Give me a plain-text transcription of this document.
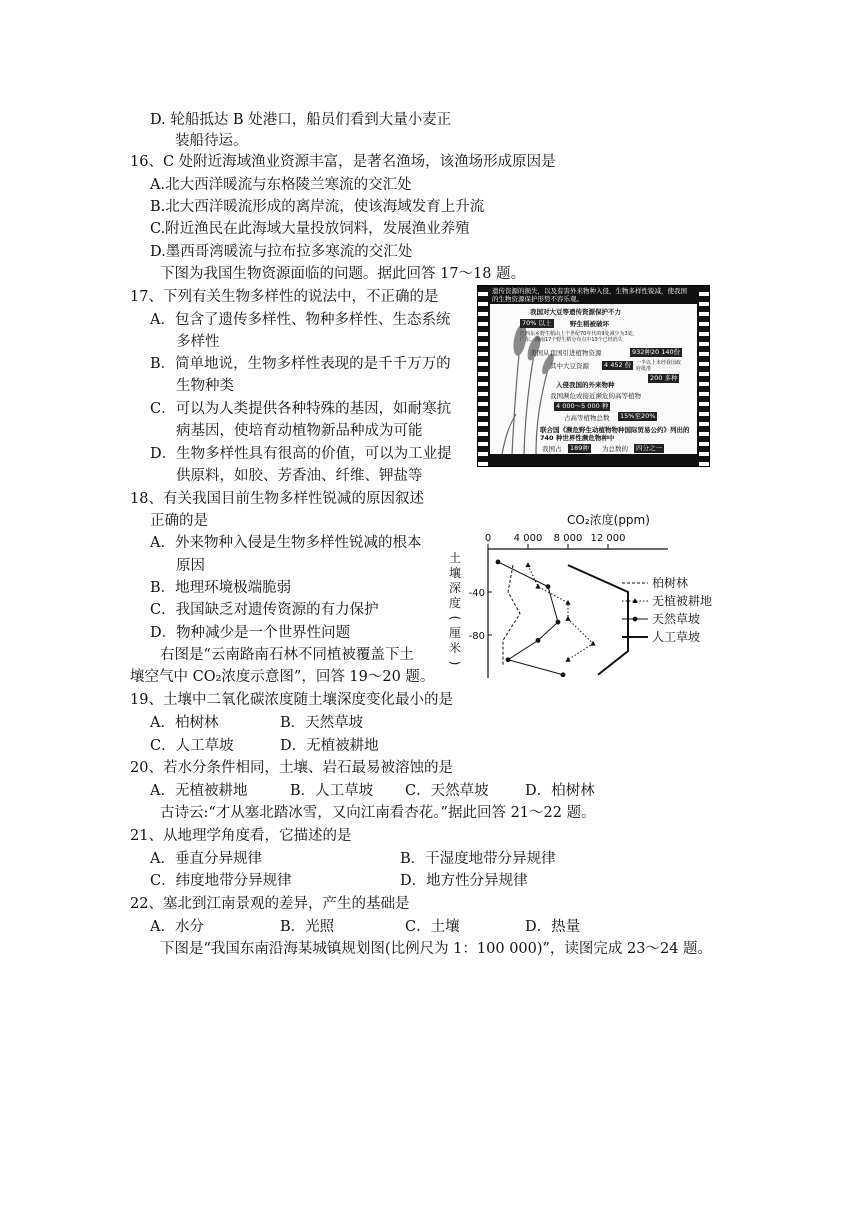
D. 轮船抵达 B 处港口，船员们看到大量小麦正
装船待运。
16、C 处附近海域渔业资源丰富，是著名渔场，该渔场形成原因是
A.北大西洋暖流与东格陵兰寒流的交汇处
B.北大西洋暖流形成的离岸流，使该海域发育上升流
C.附近渔民在此海域大量投放饲料，发展渔业养殖
D.墨西哥湾暖流与拉布拉多寒流的交汇处
下图为我国生物资源面临的问题。据此回答 17～18 题。
17、下列有关生物多样性的说法中，不正确的是
A．包含了遗传多样性、物种多样性、生态系统
多样性
B．简单地说，生物多样性表现的是千千万万的
生物种类
C．可以为人类提供各种特殊的基因，如耐寒抗
病基因，使培育动植物新品种成为可能
D．生物多样性具有很高的价值，可以为工业提
供原料，如胶、芳香油、纤维、钾盐等
18、有关我国目前生物多样性锐减的原因叙述
正确的是
A．外来物种入侵是生物多样性锐减的根本
原因
B．地理环境极端脆弱
C．我国缺乏对遗传资源的有力保护
D．物种减少是一个世界性问题
右图是“云南路南石林不同植被覆盖下土
壤空气中 CO₂浓度示意图”，回答 19～20 题。
19、土壤中二氧化碳浓度随土壤深度变化最小的是
A．柏树林	B．天然草坡
C．人工草坡	D．无植被耕地
20、若水分条件相同，土壤、岩石最易被溶蚀的是
A．无植被耕地	B．人工草坡 C．天然草坡	D．柏树林
古诗云:“才从塞北踏冰雪，又向江南看杏花。”据此回答 21～22 题。
21、从地理学角度看，它描述的是
A．垂直分异规律	B．干湿度地带分异规律
C．纬度地带分异规律	D．地方性分异规律
22、塞北到江南景观的差异，产生的基础是
A．水分	B．光照	C．土壤	D．热量
下图是“我国东南沿海某城镇规划图(比例尺为 1：100 000)”，读图完成 23～24 题。
遗传资源的损失，以及有害外来物种入侵，生物多样性锐减，使我国的生物资源保护形势不容乐观。
我国对大豆等遗传资源保护不力
70% 以上	野生稻被破坏
江西东乡野生稻由上个世纪70年代的9处减少为3处，
广东、海南17个野生稻分布点中13个已经消失
美国从我国引进植物资源	932种20 140份
其中大豆资源	4 452 份 一半以上未经我国政府批准
入侵我国的外来物种
200 多种
我国濒危或接近濒危的高等植物
4 000～5 000 种
占高等植物总数	15%至20%
联合国《濒危野生动植物物种国际贸易公约》列出的 740 种世界性濒危物种中
我国占	189种	为总数的	四分之一
CO₂浓度(ppm)
土
壤
深
度
(
厘
米
)
0 4 000 8 000 12 000
-40
-80
柏树林
无植被耕地
天然草坡
人工草坡
